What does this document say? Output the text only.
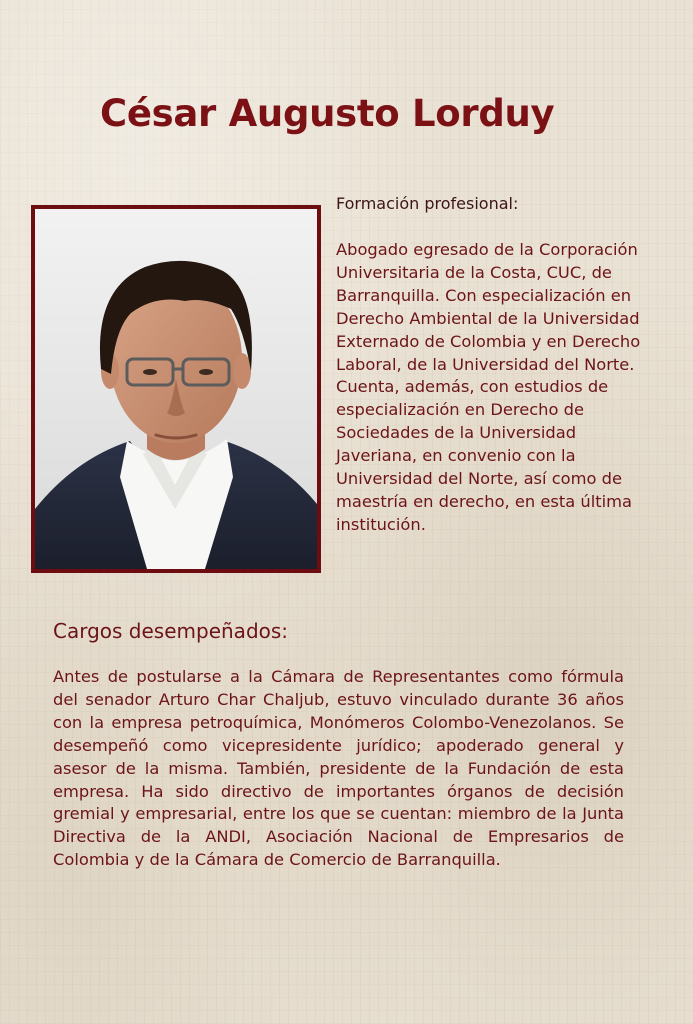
César Augusto Lorduy
Formación profesional:
Abogado egresado de la Corporación Universitaria de la Costa, CUC, de Barranquilla. Con especialización en Derecho Ambiental de la Universidad Externado de Colombia y en Derecho Laboral, de la Universidad del Norte. Cuenta, además, con estudios de especialización en Derecho de Sociedades de la Universidad Javeriana, en convenio con la Universidad del Norte, así como de maestría en derecho, en esta última institución.
Cargos desempeñados:
Antes de postularse a la Cámara de Representantes como fórmula del senador Arturo Char Chaljub, estuvo vinculado durante 36 años con la empresa petroquímica, Monómeros Colombo-Venezolanos. Se desempeñó como vicepresidente jurídico; apoderado general y asesor de la misma. También, presidente de la Fundación de esta empresa. Ha sido directivo de importantes órganos de decisión gremial y empresarial, entre los que se cuentan: miembro de la Junta Directiva de la ANDI, Asociación Nacional de Empresarios de Colombia y de la Cámara de Comercio de Barranquilla.
